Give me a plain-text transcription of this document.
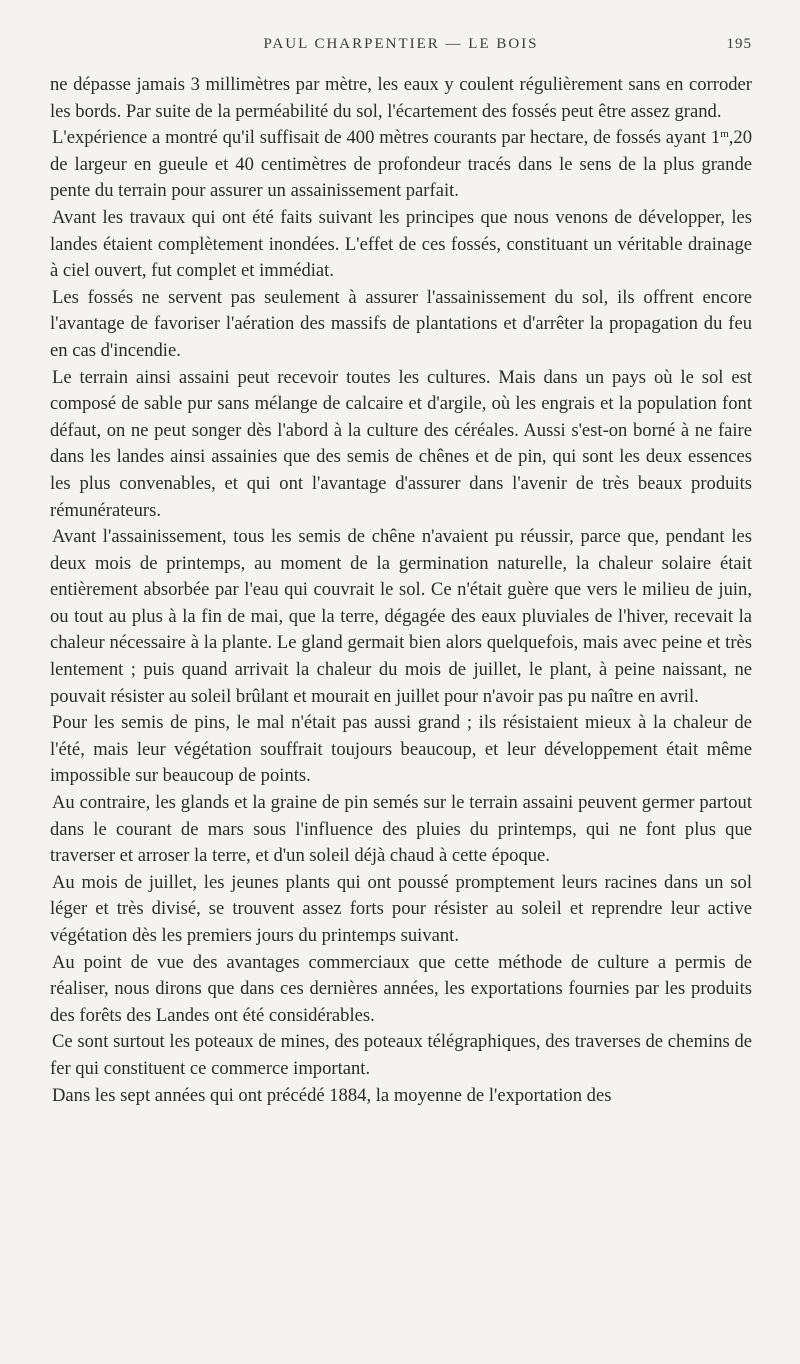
PAUL CHARPENTIER — LE BOIS	195

ne dépasse jamais 3 millimètres par mètre, les eaux y coulent régulièrement sans en corroder les bords. Par suite de la perméabilité du sol, l'écartement des fossés peut être assez grand.

L'expérience a montré qu'il suffisait de 400 mètres courants par hectare, de fossés ayant 1$^m$,20 de largeur en gueule et 40 centimètres de profondeur tracés dans le sens de la plus grande pente du terrain pour assurer un assainissement parfait.

Avant les travaux qui ont été faits suivant les principes que nous venons de développer, les landes étaient complètement inondées. L'effet de ces fossés, constituant un véritable drainage à ciel ouvert, fut complet et immédiat.

Les fossés ne servent pas seulement à assurer l'assainissement du sol, ils offrent encore l'avantage de favoriser l'aération des massifs de plantations et d'arrêter la propagation du feu en cas d'incendie.

Le terrain ainsi assaini peut recevoir toutes les cultures. Mais dans un pays où le sol est composé de sable pur sans mélange de calcaire et d'argile, où les engrais et la population font défaut, on ne peut songer dès l'abord à la culture des céréales. Aussi s'est-on borné à ne faire dans les landes ainsi assainies que des semis de chênes et de pin, qui sont les deux essences les plus convenables, et qui ont l'avantage d'assurer dans l'avenir de très beaux produits rémunérateurs.

Avant l'assainissement, tous les semis de chêne n'avaient pu réussir, parce que, pendant les deux mois de printemps, au moment de la germination naturelle, la chaleur solaire était entièrement absorbée par l'eau qui couvrait le sol. Ce n'était guère que vers le milieu de juin, ou tout au plus à la fin de mai, que la terre, dégagée des eaux pluviales de l'hiver, recevait la chaleur nécessaire à la plante. Le gland germait bien alors quelquefois, mais avec peine et très lentement ; puis quand arrivait la chaleur du mois de juillet, le plant, à peine naissant, ne pouvait résister au soleil brûlant et mourait en juillet pour n'avoir pas pu naître en avril.

Pour les semis de pins, le mal n'était pas aussi grand ; ils résistaient mieux à la chaleur de l'été, mais leur végétation souffrait toujours beaucoup, et leur développement était même impossible sur beaucoup de points.

Au contraire, les glands et la graine de pin semés sur le terrain assaini peuvent germer partout dans le courant de mars sous l'influence des pluies du printemps, qui ne font plus que traverser et arroser la terre, et d'un soleil déjà chaud à cette époque.

Au mois de juillet, les jeunes plants qui ont poussé promptement leurs racines dans un sol léger et très divisé, se trouvent assez forts pour résister au soleil et reprendre leur active végétation dès les premiers jours du printemps suivant.

Au point de vue des avantages commerciaux que cette méthode de culture a permis de réaliser, nous dirons que dans ces dernières années, les exportations fournies par les produits des forêts des Landes ont été considérables.

Ce sont surtout les poteaux de mines, des poteaux télégraphiques, des traverses de chemins de fer qui constituent ce commerce important.

Dans les sept années qui ont précédé 1884, la moyenne de l'exportation des
